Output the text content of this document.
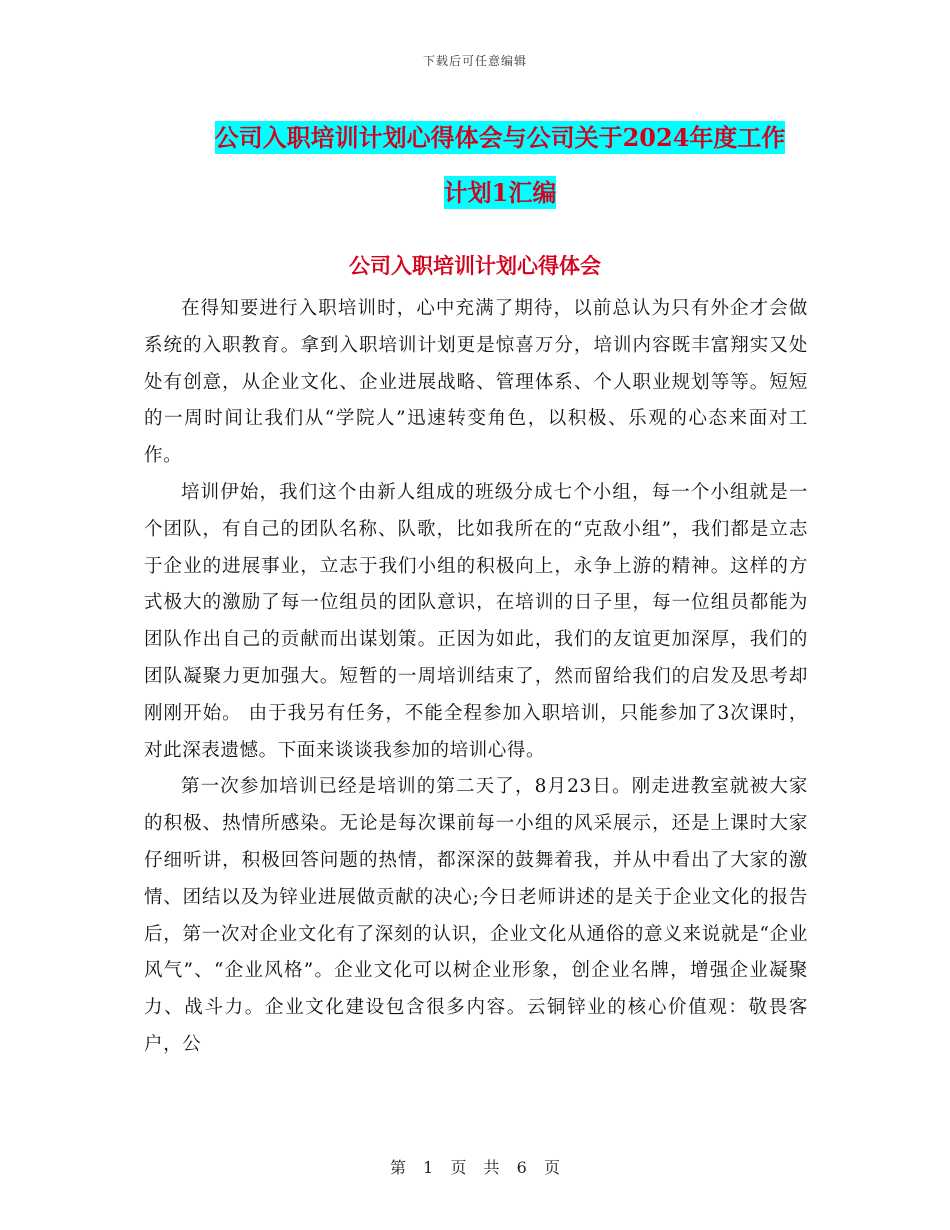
下载后可任意编辑
公司入职培训计划心得体会与公司关于2024年度工作
计划1汇编
公司入职培训计划心得体会

在得知要进行入职培训时，心中充满了期待，以前总认为只有外企才会做系统的入职教育。拿到入职培训计划更是惊喜万分，培训内容既丰富翔实又处处有创意，从企业文化、企业进展战略、管理体系、个人职业规划等等。短短的一周时间让我们从“学院人”迅速转变角色，以积极、乐观的心态来面对工作。

培训伊始，我们这个由新人组成的班级分成七个小组，每一个小组就是一个团队，有自己的团队名称、队歌，比如我所在的“克敌小组”，我们都是立志于企业的进展事业，立志于我们小组的积极向上，永争上游的精神。这样的方式极大的激励了每一位组员的团队意识，在培训的日子里，每一位组员都能为团队作出自己的贡献而出谋划策。正因为如此，我们的友谊更加深厚，我们的团队凝聚力更加强大。短暂的一周培训结束了，然而留给我们的启发及思考却刚刚开始。 由于我另有任务，不能全程参加入职培训，只能参加了3次课时，对此深表遗憾。下面来谈谈我参加的培训心得。

第一次参加培训已经是培训的第二天了，8月23日。刚走进教室就被大家的积极、热情所感染。无论是每次课前每一小组的风采展示，还是上课时大家仔细听讲，积极回答问题的热情，都深深的鼓舞着我，并从中看出了大家的激情、团结以及为锌业进展做贡献的决心;今日老师讲述的是关于企业文化的报告后，第一次对企业文化有了深刻的认识，企业文化从通俗的意义来说就是“企业风气”、“企业风格”。企业文化可以树企业形象，创企业名牌，增强企业凝聚力、战斗力。企业文化建设包含很多内容。云铜锌业的核心价值观：敬畏客户，公

第 1 页 共 6 页
